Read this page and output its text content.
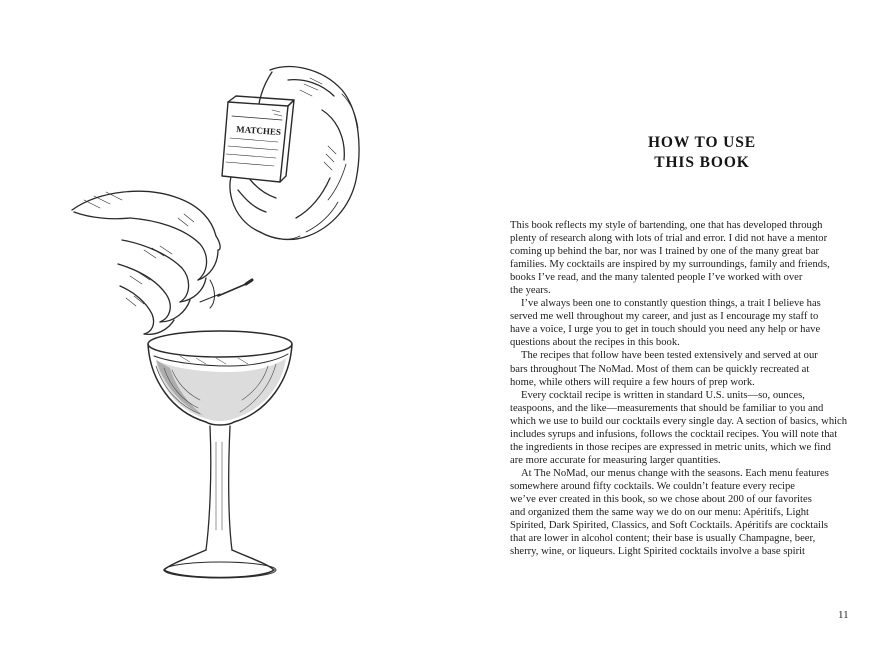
MATCHES
HOW TO USE
THIS BOOK
This book reflects my style of bartending, one that has developed through
plenty of research along with lots of trial and error. I did not have a mentor
coming up behind the bar, nor was I trained by one of the many great bar
families. My cocktails are inspired by my surroundings, family and friends,
books I’ve read, and the many talented people I’ve worked with over
the years.
I’ve always been one to constantly question things, a trait I believe has
served me well throughout my career, and just as I encourage my staff to
have a voice, I urge you to get in touch should you need any help or have
questions about the recipes in this book.
The recipes that follow have been tested extensively and served at our
bars throughout The NoMad. Most of them can be quickly recreated at
home, while others will require a few hours of prep work.
Every cocktail recipe is written in standard U.S. units—so, ounces,
teaspoons, and the like—measurements that should be familiar to you and
which we use to build our cocktails every single day. A section of basics, which
includes syrups and infusions, follows the cocktail recipes. You will note that
the ingredients in those recipes are expressed in metric units, which we find
are more accurate for measuring larger quantities.
At The NoMad, our menus change with the seasons. Each menu features
somewhere around fifty cocktails. We couldn’t feature every recipe
we’ve ever created in this book, so we chose about 200 of our favorites
and organized them the same way we do on our menu: Apéritifs, Light
Spirited, Dark Spirited, Classics, and Soft Cocktails. Apéritifs are cocktails
that are lower in alcohol content; their base is usually Champagne, beer,
sherry, wine, or liqueurs. Light Spirited cocktails involve a base spirit
11
